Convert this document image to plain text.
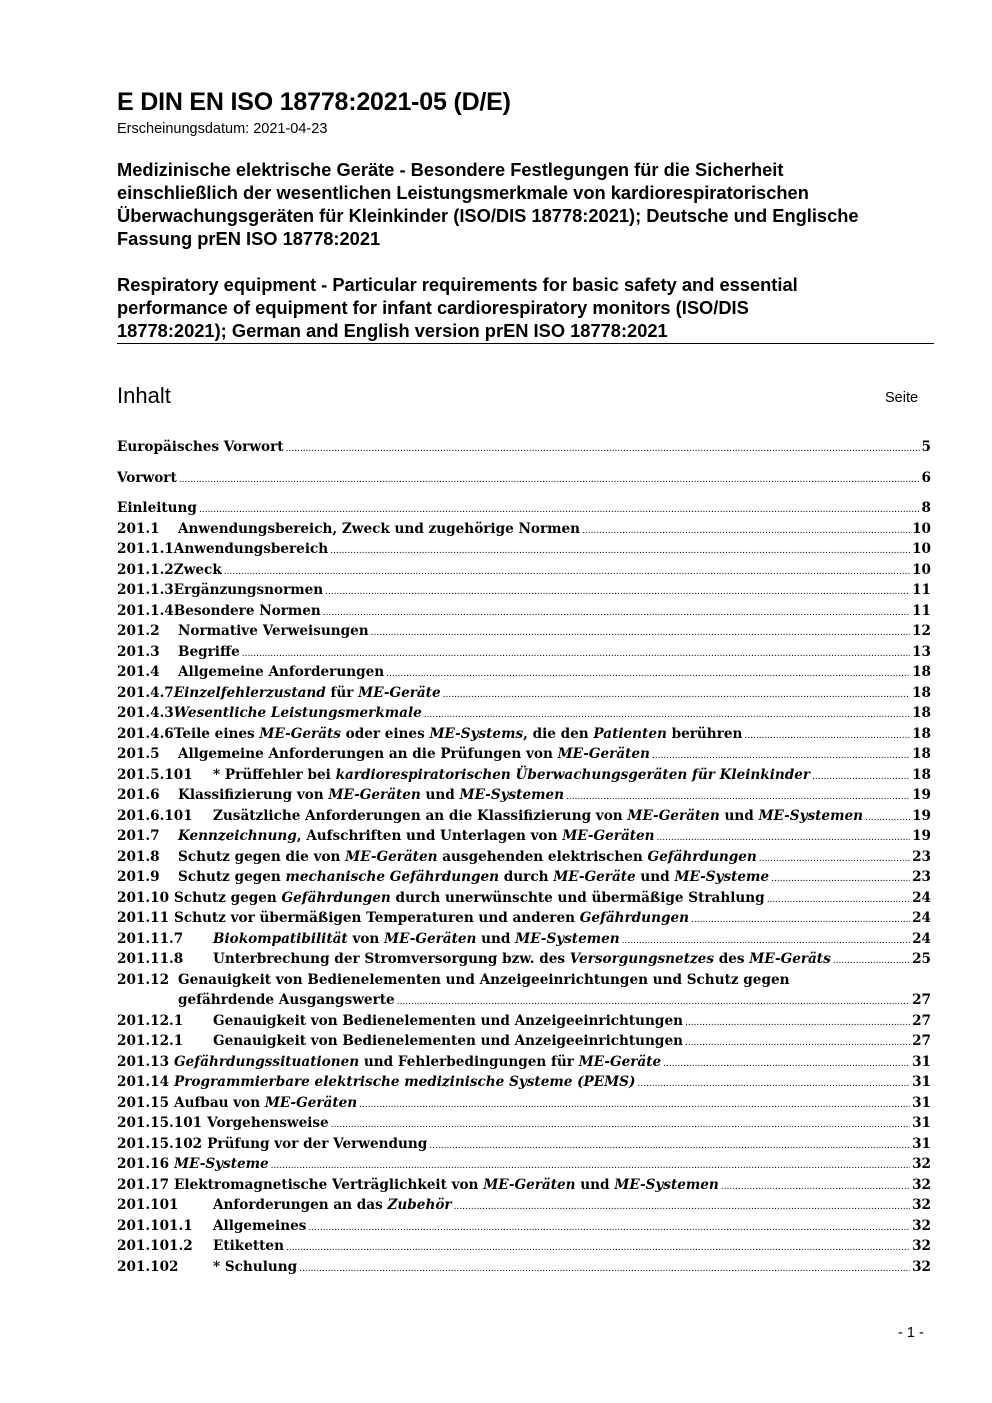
E DIN EN ISO 18778:2021-05 (D/E)
Erscheinungsdatum: 2021-04-23
Medizinische elektrische Geräte - Besondere Festlegungen für die Sicherheit
einschließlich der wesentlichen Leistungsmerkmale von kardiorespiratorischen
Überwachungsgeräten für Kleinkinder (ISO/DIS 18778:2021); Deutsche und Englische
Fassung prEN ISO 18778:2021
Respiratory equipment - Particular requirements for basic safety and essential
performance of equipment for infant cardiorespiratory monitors (ISO/DIS
18778:2021); German and English version prEN ISO 18778:2021
Inhalt	Seite
Europäisches Vorwort .....	5
Vorwort .....	6
Einleitung .....	8
201.1	Anwendungsbereich, Zweck und zugehörige Normen .....	10
201.1.1 Anwendungsbereich .....	10
201.1.2 Zweck .....	10
201.1.3 Ergänzungsnormen .....	11
201.1.4 Besondere Normen .....	11
201.2	Normative Verweisungen .....	12
201.3	Begriffe .....	13
201.4	Allgemeine Anforderungen .....	18
201.4.7 Einzelfehlerzustand für ME-Geräte .....	18
201.4.3 Wesentliche Leistungsmerkmale .....	18
201.4.6 Teile eines ME-Geräts oder eines ME-Systems, die den Patienten berühren .....	18
201.5	Allgemeine Anforderungen an die Prüfungen von ME-Geräten .....	18
201.5.101	* Prüffehler bei kardiorespiratorischen Überwachungsgeräten für Kleinkinder .....	18
201.6	Klassifizierung von ME-Geräten und ME-Systemen .....	19
201.6.101	Zusätzliche Anforderungen an die Klassifizierung von ME-Geräten und ME-Systemen .....	19
201.7	Kennzeichnung, Aufschriften und Unterlagen von ME-Geräten .....	19
201.8	Schutz gegen die von ME-Geräten ausgehenden elektrischen Gefährdungen .....	23
201.9	Schutz gegen mechanische Gefährdungen durch ME-Geräte und ME-Systeme .....	23
201.10 Schutz gegen Gefährdungen durch unerwünschte und übermäßige Strahlung .....	24
201.11 Schutz vor übermäßigen Temperaturen und anderen Gefährdungen .....	24
201.11.7	Biokompatibilität von ME-Geräten und ME-Systemen .....	24
201.11.8	Unterbrechung der Stromversorgung bzw. des Versorgungsnetzes des ME-Geräts .....	25
201.12 Genauigkeit von Bedienelementen und Anzeigeeinrichtungen und Schutz gegen
gefährdende Ausgangswerte .....	27
201.12.1	Genauigkeit von Bedienelementen und Anzeigeeinrichtungen .....	27
201.12.1	Genauigkeit von Bedienelementen und Anzeigeeinrichtungen .....	27
201.13 Gefährdungssituationen und Fehlerbedingungen für ME-Geräte .....	31
201.14 Programmierbare elektrische medizinische Systeme (PEMS) .....	31
201.15 Aufbau von ME-Geräten .....	31
201.15.101 Vorgehensweise .....	31
201.15.102 Prüfung vor der Verwendung .....	31
201.16 ME-Systeme .....	32
201.17 Elektromagnetische Verträglichkeit von ME-Geräten und ME-Systemen .....	32
201.101	Anforderungen an das Zubehör .....	32
201.101.1	Allgemeines .....	32
201.101.2	Etiketten .....	32
201.102	* Schulung .....	32
- 1 -
